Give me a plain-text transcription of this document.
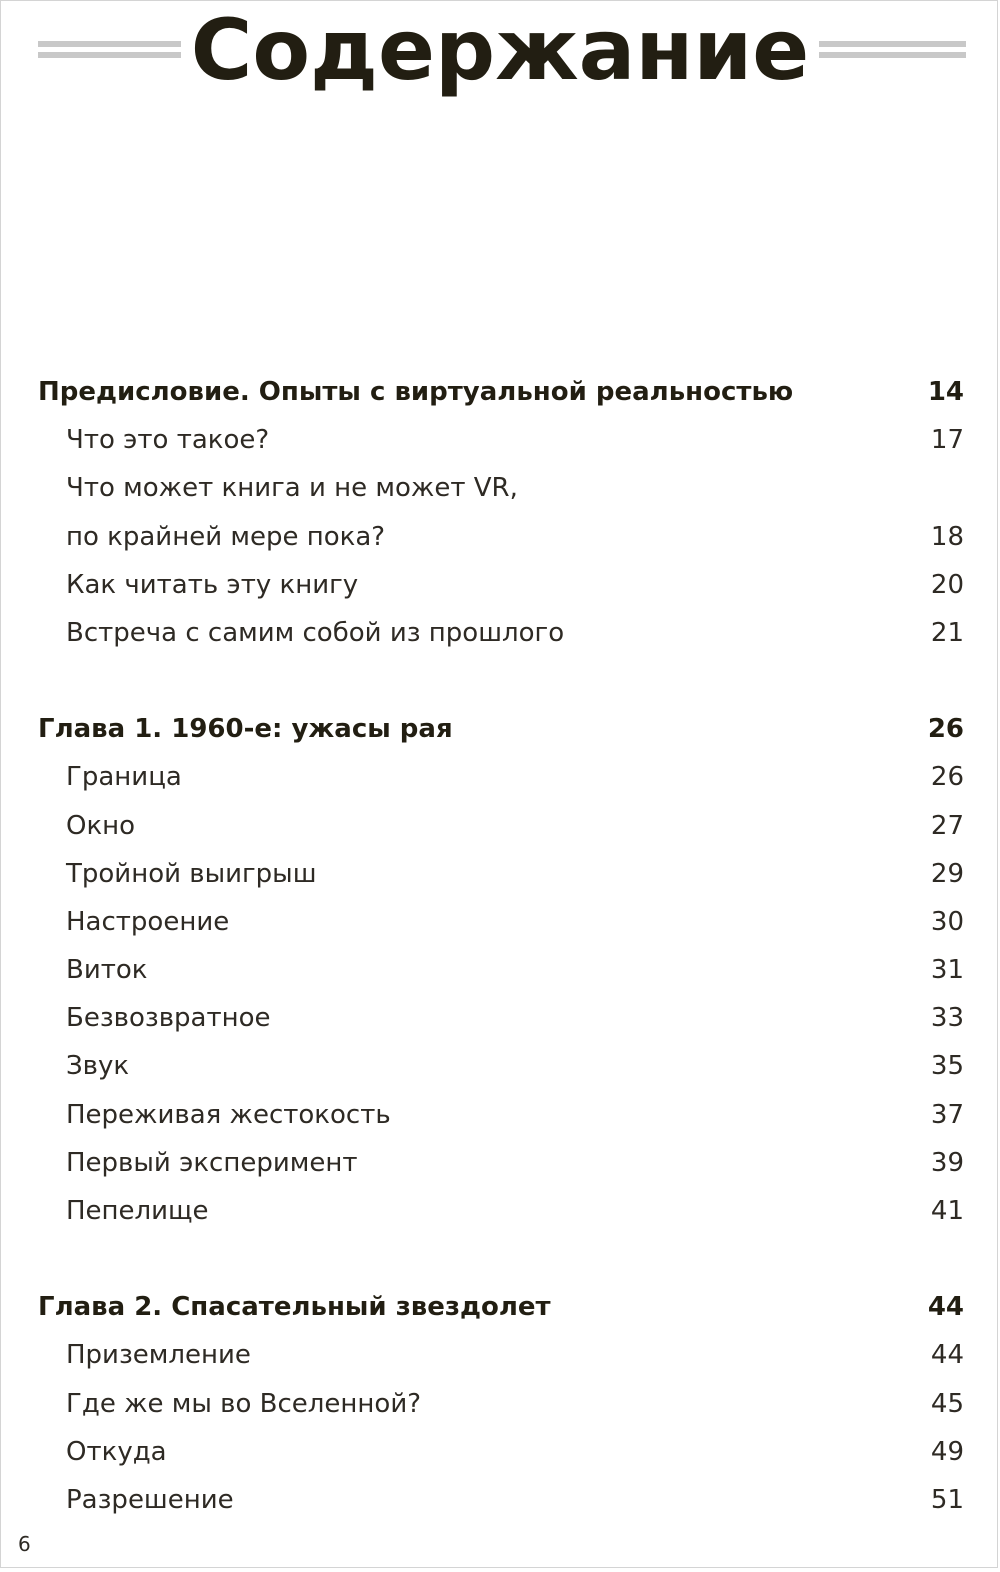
Содержание
Предисловие. Опыты с виртуальной реальностью	14
Что это такое?	17
Что может книга и не может VR,
по крайней мере пока?	18
Как читать эту книгу	20
Встреча с самим собой из прошлого	21
Глава 1. 1960-е: ужасы рая	26
Граница	26
Окно	27
Тройной выигрыш	29
Настроение	30
Виток	31
Безвозвратное	33
Звук	35
Переживая жестокость	37
Первый эксперимент	39
Пепелище	41
Глава 2. Спасательный звездолет	44
Приземление	44
Где же мы во Вселенной?	45
Откуда	49
Разрешение	51
6
